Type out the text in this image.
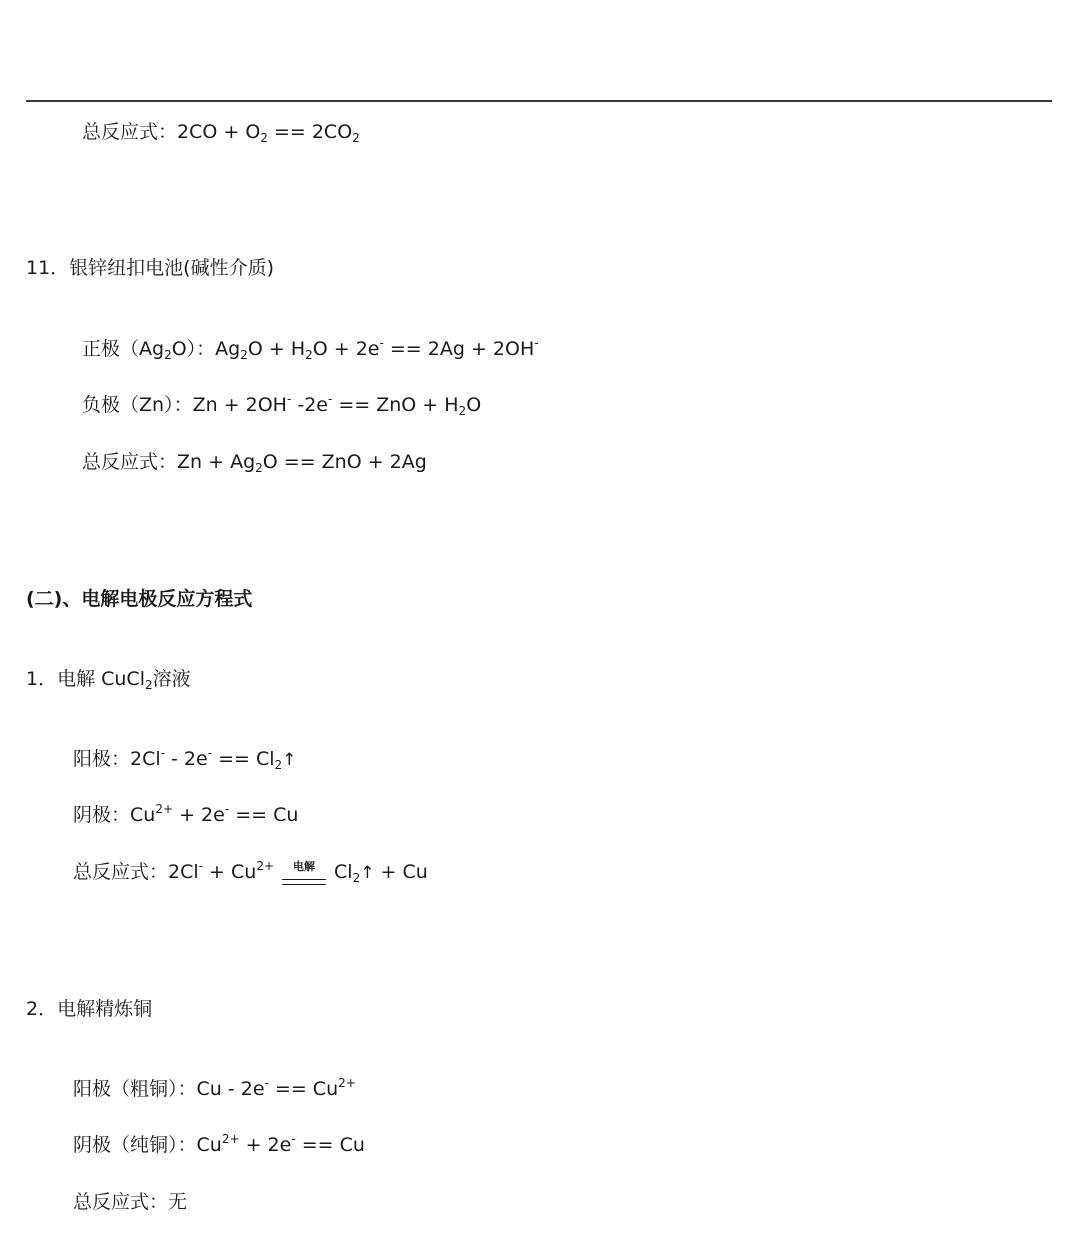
总反应式：$2CO + O_2 == 2CO_2$
11．银锌纽扣电池(碱性介质)
正极$(Ag_2O)$：$Ag_2O + H_2O + 2e^- == 2Ag + 2OH^-$
负极（Zn）：Zn + 2OH- -2e- == ZnO + $H_2O$
总反应式：$Zn + Ag_2O$ == ZnO + 2Ag
(二)、电解电极反应方程式
1．电解 CuCl$_2$溶液
阳极：$2Cl^- - 2e^- == Cl_2↑$
阴极：$Cu^{2+} + 2e^- == Cu$
总反应式：$2Cl^- + Cu^{2+}$	电解	$Cl_2↑ + Cu$
2．电解精炼铜
阳极（粗铜）：$Cu - 2e^- == Cu^{2+}$
阴极（纯铜）：$Cu^{2+} + 2e^- == Cu$
总反应式：无
